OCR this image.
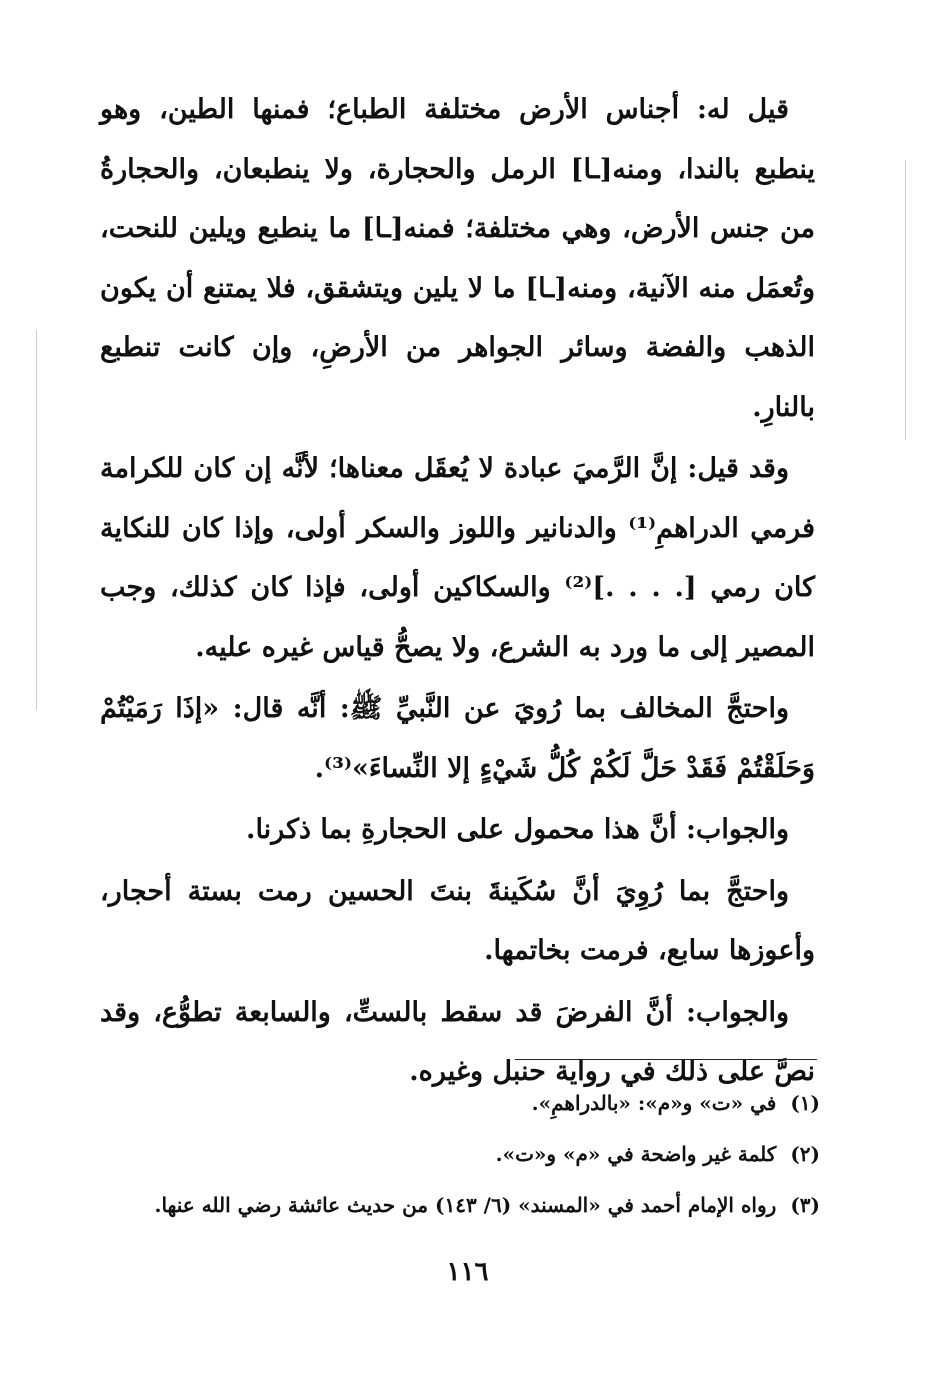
قيل له: أجناس الأرض مختلفة الطباع؛ فمنها الطين، وهو ينطبع بالندا، ومنه[ـا] الرمل والحجارة، ولا ينطبعان، والحجارةُ من جنس الأرض، وهي مختلفة؛ فمنه[ـا] ما ينطبع ويلين للنحت، وتُعمَل منه الآنية، ومنه[ـا] ما لا يلين ويتشقق، فلا يمتنع أن يكون الذهب والفضة وسائر الجواهر من الأرضِ، وإن كانت تنطبع بالنارِ.

وقد قيل: إنَّ الرَّميَ عبادة لا يُعقَل معناها؛ لأنَّه إن كان للكرامة فرمي الدراهمِ⁽¹⁾ والدنانير واللوز والسكر أولى، وإذا كان للنكاية كان رمي [. . . .]⁽²⁾ والسكاكين أولى، فإذا كان كذلك، وجب المصير إلى ما ورد به الشرع، ولا يصحُّ قياس غيره عليه.

واحتجَّ المخالف بما رُويَ عن النَّبيِّ ﷺ: أنَّه قال: «إذَا رَمَيْتُمْ وَحَلَقْتُمْ فَقَدْ حَلَّ لَكُمْ كُلُّ شَيْءٍ إلا النِّساءَ»⁽³⁾.

والجواب: أنَّ هذا محمول على الحجارةِ بما ذكرنا.

واحتجَّ بما رُوِيَ أنَّ سُكَينةَ بنتَ الحسين رمت بستة أحجار، وأعوزها سابع، فرمت بخاتمها.

والجواب: أنَّ الفرضَ قد سقط بالستِّ، والسابعة تطوُّع، وقد نصَّ على ذلك في رواية حنبل وغيره.

(١)في «ت» و«م»: «بالدراهمِ».

(٢)كلمة غير واضحة في «م» و«ت».

(٣)رواه الإمام أحمد في «المسند» (٦/ ١٤٣) من حديث عائشة رضي الله عنها.

١١٦
